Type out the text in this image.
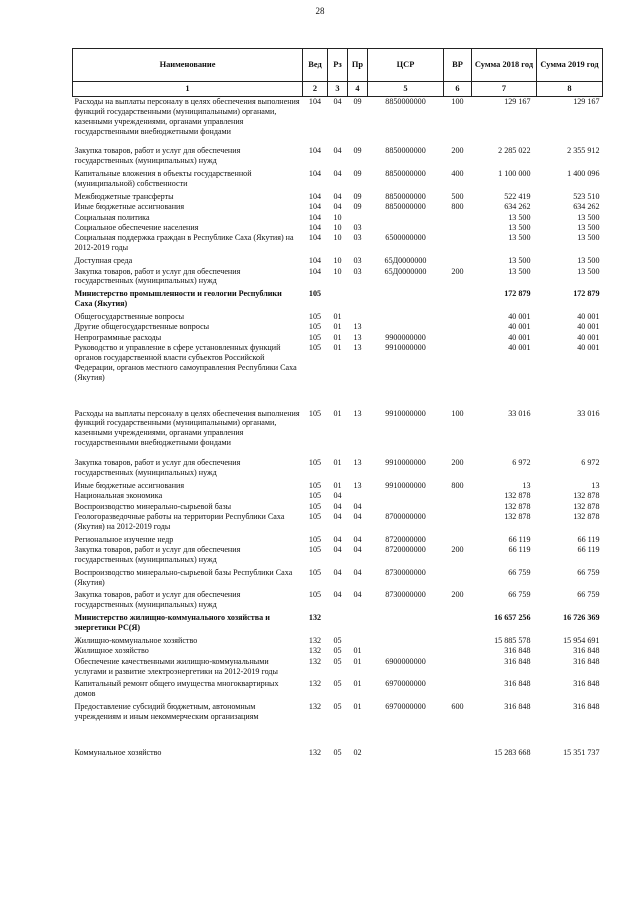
28
Наименование	Вед	Рз	Пр	ЦСР	ВР	Сумма 2018 год	Сумма 2019 год
1	2	3	4	5	6	7	8
Расходы на выплаты персоналу в целях обеспечения выполнения функций государственными (муниципальными) органами, казенными учреждениями, органами управления государственными внебюджетными фондами	104	04	09	8850000000	100	129 167	129 167
Закупка товаров, работ и услуг для обеспечения государственных (муниципальных) нужд	104	04	09	8850000000	200	2 285 022	2 355 912
Капитальные вложения в объекты государственной (муниципальной) собственности	104	04	09	8850000000	400	1 100 000	1 400 096
Межбюджетные трансферты	104	04	09	8850000000	500	522 419	523 510
Иные бюджетные ассигнования	104	04	09	8850000000	800	634 262	634 262
Социальная политика	104	10				13 500	13 500
Социальное обеспечение населения	104	10	03			13 500	13 500
Социальная поддержка граждан в Республике Саха (Якутия) на 2012-2019 годы	104	10	03	6500000000		13 500	13 500
Доступная среда	104	10	03	65Д0000000		13 500	13 500
Закупка товаров, работ и услуг для обеспечения государственных (муниципальных) нужд	104	10	03	65Д0000000	200	13 500	13 500
Министерство промышленности и геологии Республики Саха (Якутия)	105					172 879	172 879
Общегосударственные вопросы	105	01				40 001	40 001
Другие общегосударственные вопросы	105	01	13			40 001	40 001
Непрограммные расходы	105	01	13	9900000000		40 001	40 001
Руководство и управление в сфере установленных функций органов государственной власти субъектов Российской Федерации, органов местного самоуправления Республики Саха (Якутия)	105	01	13	9910000000		40 001	40 001
Расходы на выплаты персоналу в целях обеспечения выполнения функций государственными (муниципальными) органами, казенными учреждениями, органами управления государственными внебюджетными фондами	105	01	13	9910000000	100	33 016	33 016
Закупка товаров, работ и услуг для обеспечения государственных (муниципальных) нужд	105	01	13	9910000000	200	6 972	6 972
Иные бюджетные ассигнования	105	01	13	9910000000	800	13	13
Национальная экономика	105	04				132 878	132 878
Воспроизводство минерально-сырьевой базы	105	04	04			132 878	132 878
Геологоразведочные работы на территории Республики Саха (Якутия) на 2012-2019 годы	105	04	04	8700000000		132 878	132 878
Региональное изучение недр	105	04	04	8720000000		66 119	66 119
Закупка товаров, работ и услуг для обеспечения государственных (муниципальных) нужд	105	04	04	8720000000	200	66 119	66 119
Воспроизводство минерально-сырьевой базы Республики Саха (Якутия)	105	04	04	8730000000		66 759	66 759
Закупка товаров, работ и услуг для обеспечения государственных (муниципальных) нужд	105	04	04	8730000000	200	66 759	66 759
Министерство жилищно-коммунального хозяйства и энергетики РС(Я)	132					16 657 256	16 726 369
Жилищно-коммунальное хозяйство	132	05				15 885 578	15 954 691
Жилищное хозяйство	132	05	01			316 848	316 848
Обеспечение качественными жилищно-коммунальными услугами и развитие электроэнергетики на 2012-2019 годы	132	05	01	6900000000		316 848	316 848
Капитальный ремонт общего имущества многоквартирных домов	132	05	01	6970000000		316 848	316 848
Предоставление субсидий бюджетным, автономным учреждениям и иным некоммерческим организациям	132	05	01	6970000000	600	316 848	316 848
Коммунальное хозяйство	132	05	02			15 283 668	15 351 737
